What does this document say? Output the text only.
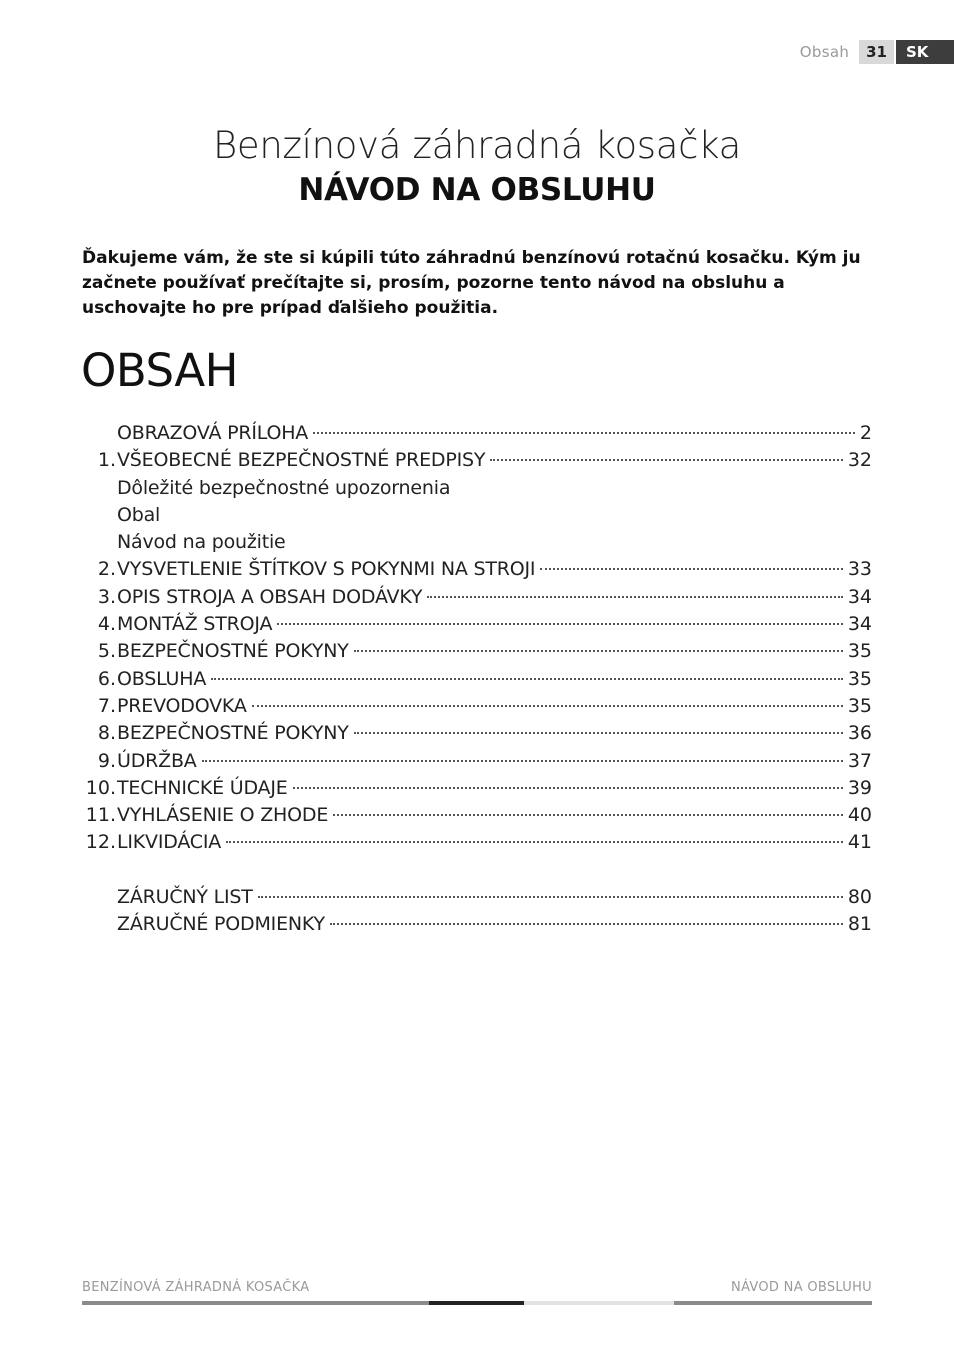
Obsah	31	SK
Benzínová záhradná kosačka
NÁVOD NA OBSLUHU
Ďakujeme vám, že ste si kúpili túto záhradnú benzínovú rotačnú kosačku. Kým ju začnete používať prečítajte si, prosím, pozorne tento návod na obsluhu a uschovajte ho pre prípad ďalšieho použitia.
OBSAH
OBRAZOVÁ PRÍLOHA	2
1. VŠEOBECNÉ BEZPEČNOSTNÉ PREDPISY	32
Dôležité bezpečnostné upozornenia
Obal
Návod na použitie
2. VYSVETLENIE ŠTÍTKOV S POKYNMI NA STROJI	33
3. OPIS STROJA A OBSAH DODÁVKY	34
4. MONTÁŽ STROJA	34
5. BEZPEČNOSTNÉ POKYNY	35
6. OBSLUHA	35
7. PREVODOVKA	35
8. BEZPEČNOSTNÉ POKYNY	36
9. ÚDRŽBA	37
10. TECHNICKÉ ÚDAJE	39
11. VYHLÁSENIE O ZHODE	40
12. LIKVIDÁCIA	41
ZÁRUČNÝ LIST	80
ZÁRUČNÉ PODMIENKY	81
BENZÍNOVÁ ZÁHRADNÁ KOSAČKA	NÁVOD NA OBSLUHU
